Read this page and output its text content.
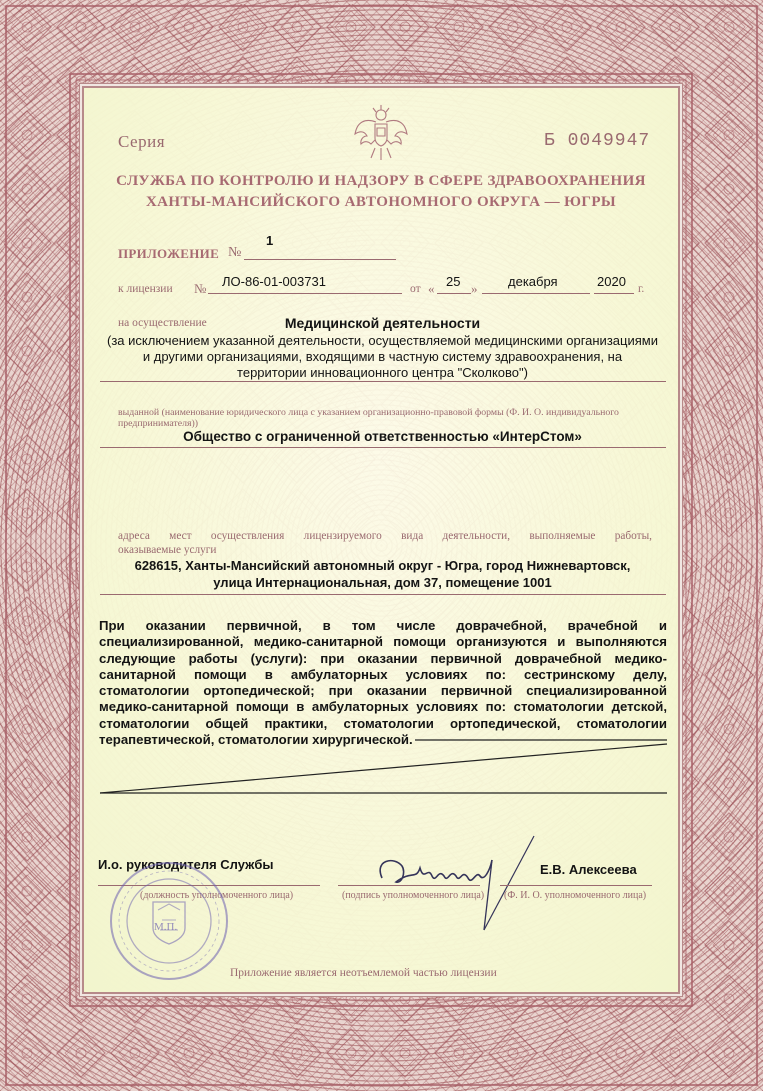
Серия	Б 0049947
СЛУЖБА ПО КОНТРОЛЮ И НАДЗОРУ В СФЕРЕ ЗДРАВООХРАНЕНИЯ
ХАНТЫ-МАНСИЙСКОГО АВТОНОМНОГО ОКРУГА — ЮГРЫ
ПРИЛОЖЕНИЕ №
1
к лицензии № ЛО-86-01-003731	от « 25 » декабря	2020 г.
на осуществление	Медицинской деятельности
(за исключением указанной деятельности, осуществляемой медицинскими организациями
и другими организациями, входящими в частную систему здравоохранения, на
территории инновационного центра "Сколково")
выданной (наименование юридического лица с указанием организационно-правовой формы (Ф. И. О. индивидуального
предпринимателя))
Общество с ограниченной ответственностью «ИнтерСтом»
адреса мест осуществления лицензируемого вида деятельности, выполняемые работы,
оказываемые услуги
628615, Ханты-Мансийский автономный округ - Югра, город Нижневартовск,
улица Интернациональная, дом 37, помещение 1001

При оказании первичной, в том числе доврачебной, врачебной и

специализированной, медико-санитарной помощи организуются и выполняются

следующие работы (услуги): при оказании первичной доврачебной медико-

санитарной помощи в амбулаторных условиях по: сестринскому делу,

стоматологии ортопедической; при оказании первичной специализированной

медико-санитарной помощи в амбулаторных условиях по: стоматологии детской,

стоматологии общей практики, стоматологии ортопедической, стоматологии

терапевтической, стоматологии хирургической.

И.о. руководителя Службы
(должность уполномоченного лица)	(подпись уполномоченного лица)
Е.В. Алексеева
(Ф. И. О. уполномоченного лица)
М.П.
Приложение является неотъемлемой частью лицензии
